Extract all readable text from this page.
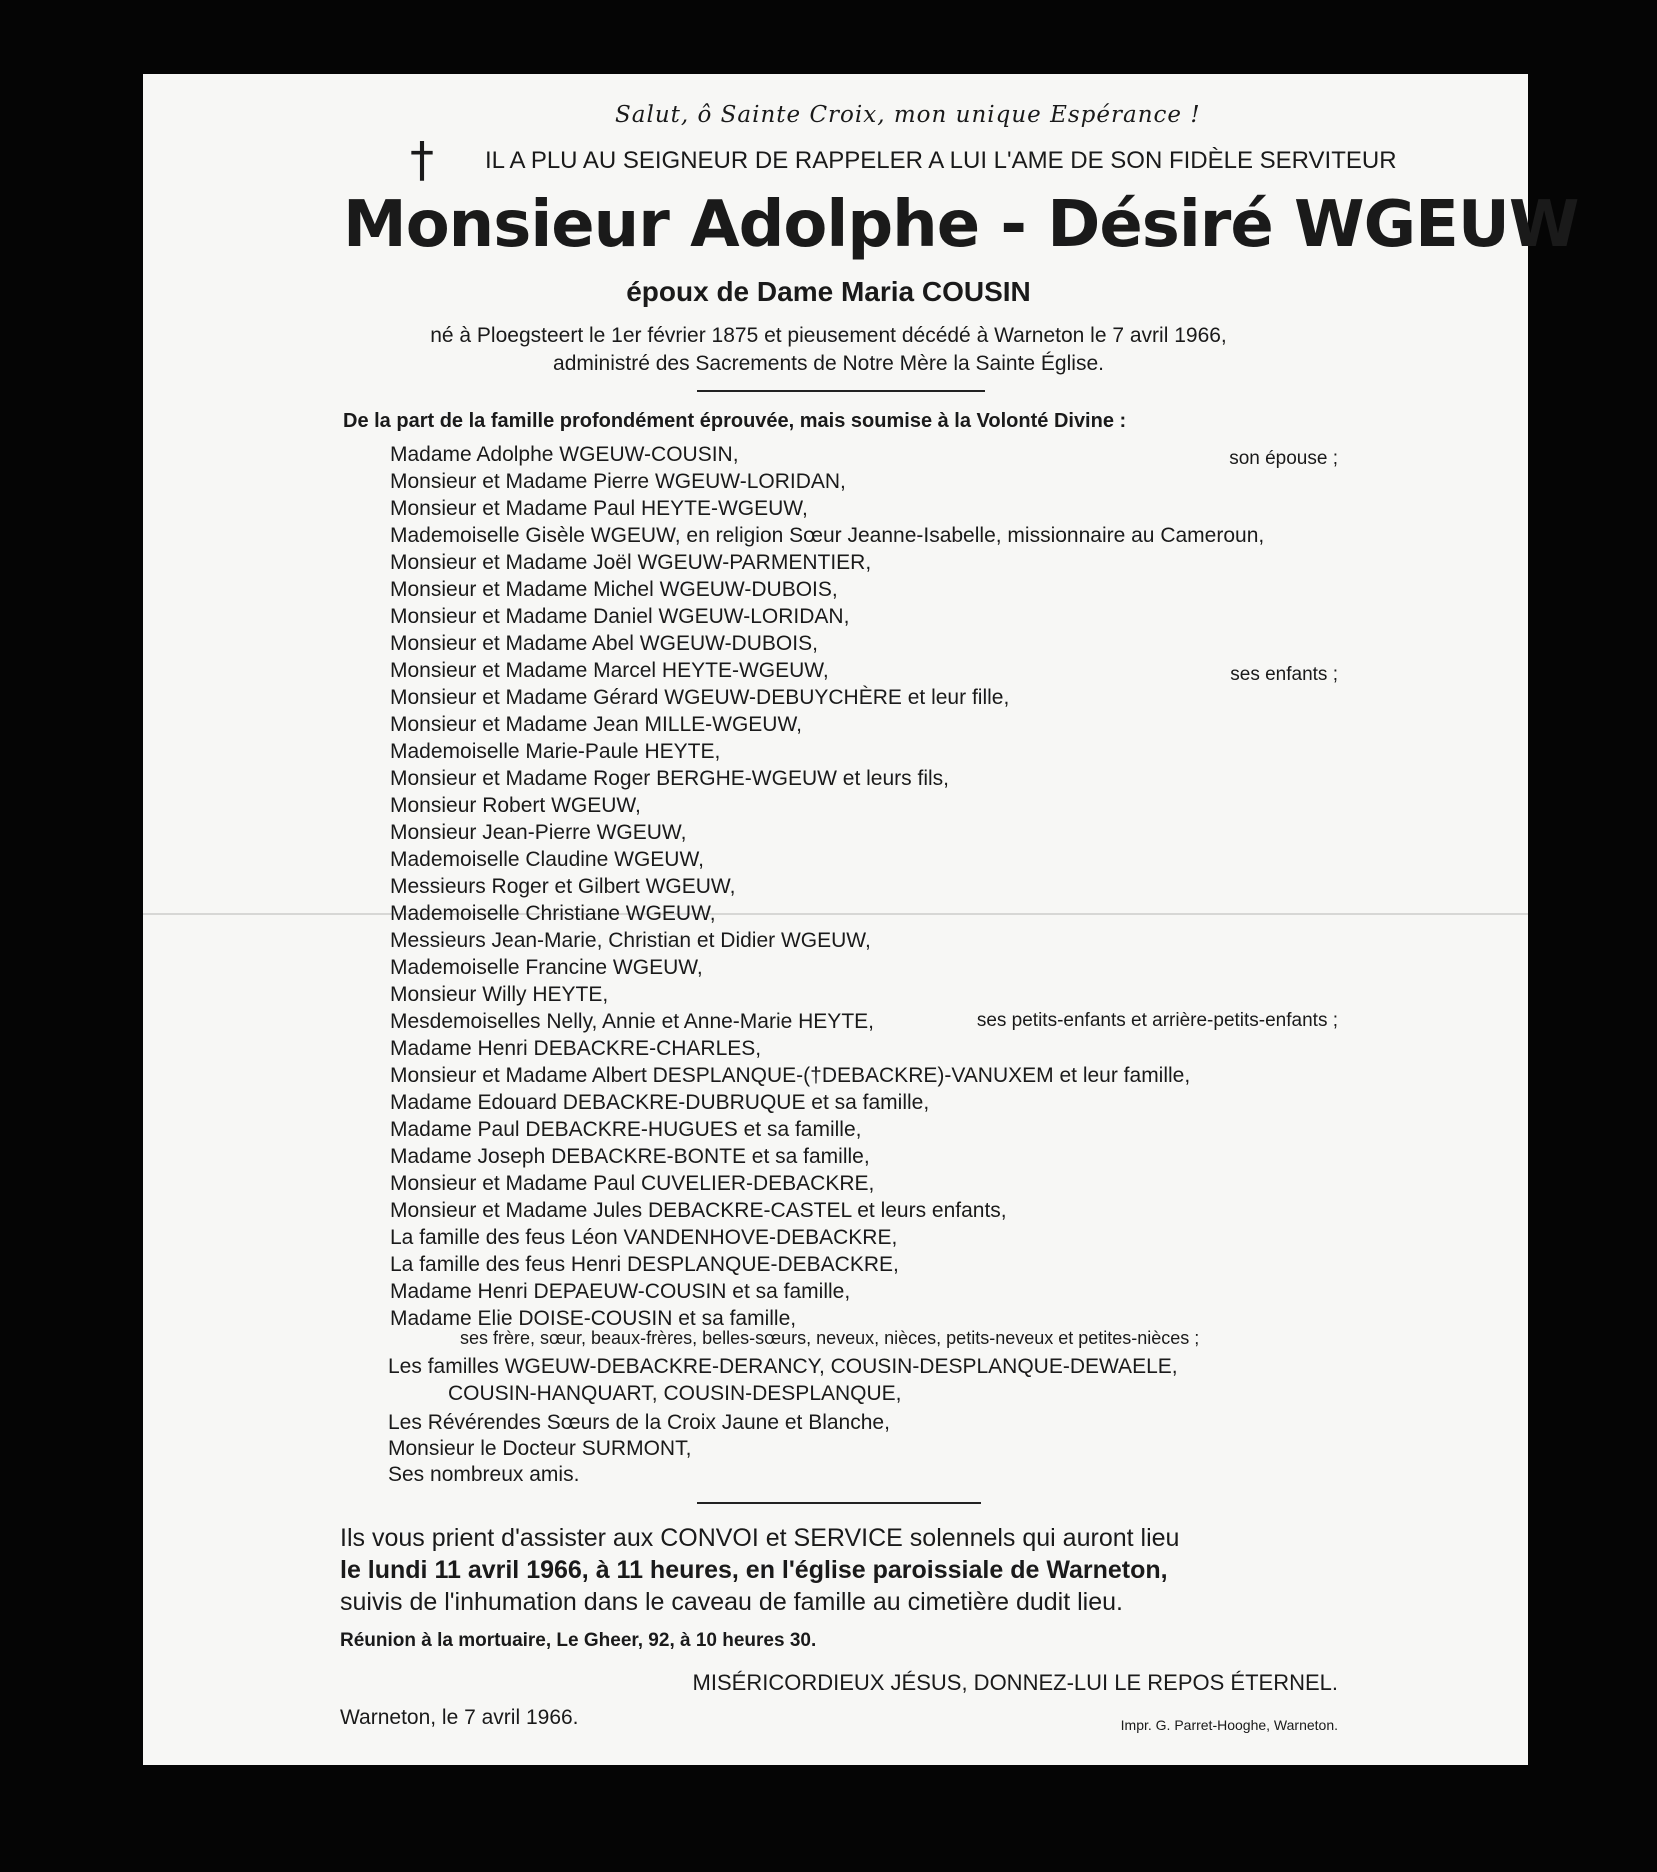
Salut, ô Sainte Croix, mon unique Espérance !
† IL A PLU AU SEIGNEUR DE RAPPELER A LUI L'AME DE SON FIDÈLE SERVITEUR
Monsieur Adolphe - Désiré WGEUW
époux de Dame Maria COUSIN
né à Ploegsteert le 1er février 1875 et pieusement décédé à Warneton le 7 avril 1966,
administré des Sacrements de Notre Mère la Sainte Église.
De la part de la famille profondément éprouvée, mais soumise à la Volonté Divine :
Madame Adolphe WGEUW-COUSIN,
Monsieur et Madame Pierre WGEUW-LORIDAN,
Monsieur et Madame Paul HEYTE-WGEUW,
Mademoiselle Gisèle WGEUW, en religion Sœur Jeanne-Isabelle, missionnaire au Cameroun,
Monsieur et Madame Joël WGEUW-PARMENTIER,
Monsieur et Madame Michel WGEUW-DUBOIS,
Monsieur et Madame Daniel WGEUW-LORIDAN,
Monsieur et Madame Abel WGEUW-DUBOIS,
Monsieur et Madame Marcel HEYTE-WGEUW,
Monsieur et Madame Gérard WGEUW-DEBUYCHÈRE et leur fille,
Monsieur et Madame Jean MILLE-WGEUW,
Mademoiselle Marie-Paule HEYTE,
Monsieur et Madame Roger BERGHE-WGEUW et leurs fils,
Monsieur Robert WGEUW,
Monsieur Jean-Pierre WGEUW,
Mademoiselle Claudine WGEUW,
Messieurs Roger et Gilbert WGEUW,
Mademoiselle Christiane WGEUW,
Messieurs Jean-Marie, Christian et Didier WGEUW,
Mademoiselle Francine WGEUW,
Monsieur Willy HEYTE,
Mesdemoiselles Nelly, Annie et Anne-Marie HEYTE,
Madame Henri DEBACKRE-CHARLES,
Monsieur et Madame Albert DESPLANQUE-(†DEBACKRE)-VANUXEM et leur famille,
Madame Edouard DEBACKRE-DUBRUQUE et sa famille,
Madame Paul DEBACKRE-HUGUES et sa famille,
Madame Joseph DEBACKRE-BONTE et sa famille,
Monsieur et Madame Paul CUVELIER-DEBACKRE,
Monsieur et Madame Jules DEBACKRE-CASTEL et leurs enfants,
La famille des feus Léon VANDENHOVE-DEBACKRE,
La famille des feus Henri DESPLANQUE-DEBACKRE,
Madame Henri DEPAEUW-COUSIN et sa famille,
Madame Elie DOISE-COUSIN et sa famille,
son épouse ;
ses enfants ;
ses petits-enfants et arrière-petits-enfants ;
ses frère, sœur, beaux-frères, belles-sœurs, neveux, nièces, petits-neveux et petites-nièces ;
Les familles WGEUW-DEBACKRE-DERANCY, COUSIN-DESPLANQUE-DEWAELE,
COUSIN-HANQUART, COUSIN-DESPLANQUE,
Les Révérendes Sœurs de la Croix Jaune et Blanche,
Monsieur le Docteur SURMONT,
Ses nombreux amis.
Ils vous prient d'assister aux CONVOI et SERVICE solennels qui auront lieu
le lundi 11 avril 1966, à 11 heures, en l'église paroissiale de Warneton,
suivis de l'inhumation dans le caveau de famille au cimetière dudit lieu.
Réunion à la mortuaire, Le Gheer, 92, à 10 heures 30.
MISÉRICORDIEUX JÉSUS, DONNEZ-LUI LE REPOS ÉTERNEL.
Warneton, le 7 avril 1966.	Impr. G. Parret-Hooghe, Warneton.
